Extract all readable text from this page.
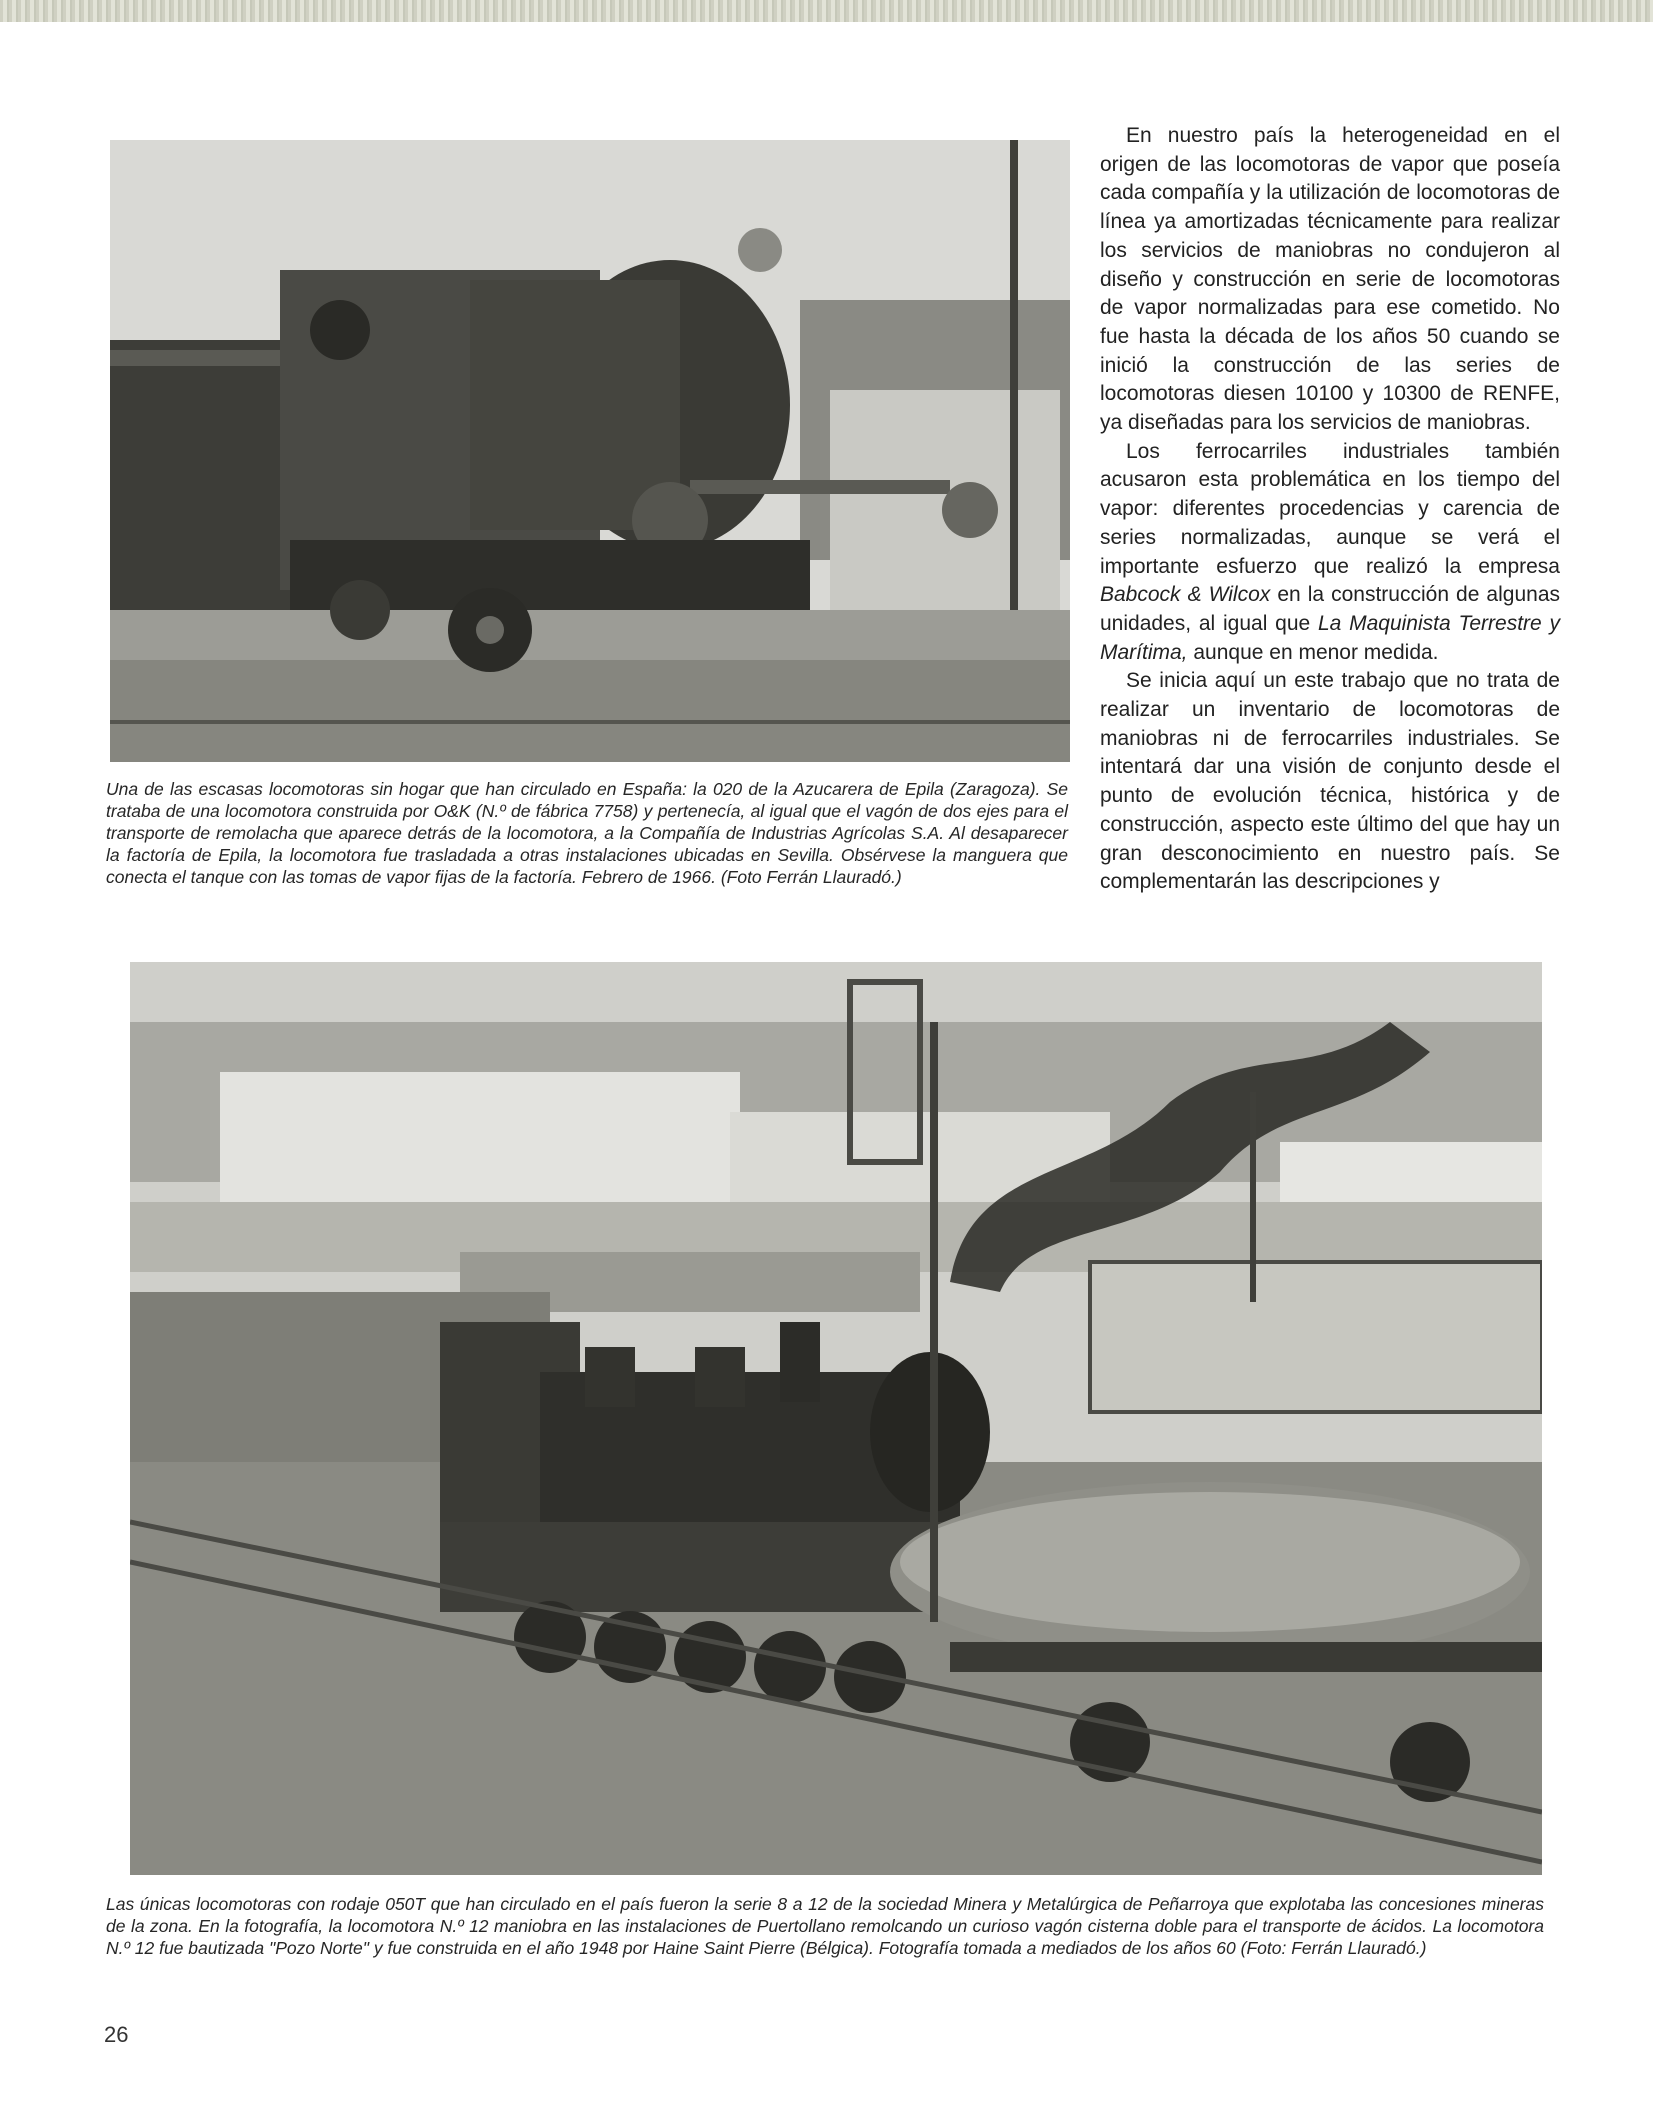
Una de las escasas locomotoras sin hogar que han circulado en España: la 020 de la Azucarera de Epila (Zaragoza). Se trataba de una locomotora construida por O&K (N.º de fábrica 7758) y pertenecía, al igual que el vagón de dos ejes para el transporte de remolacha que aparece detrás de la locomotora, a la Compañía de Industrias Agrícolas S.A. Al desaparecer la factoría de Epila, la locomotora fue trasladada a otras instalaciones ubicadas en Sevilla. Obsérvese la manguera que conecta el tanque con las tomas de vapor fijas de la factoría. Febrero de 1966. (Foto Ferrán Llauradó.)

En nuestro país la heterogeneidad en el origen de las locomotoras de vapor que poseía cada compañía y la utilización de locomotoras de línea ya amortizadas técnicamente para realizar los servicios de maniobras no condujeron al diseño y construcción en serie de locomotoras de vapor normalizadas para ese cometido. No fue hasta la década de los años 50 cuando se inició la construcción de las series de locomotoras diesen 10100 y 10300 de RENFE, ya diseñadas para los servicios de maniobras.

Los ferrocarriles industriales también acusaron esta problemática en los tiempo del vapor: diferentes procedencias y carencia de series normalizadas, aunque se verá el importante esfuerzo que realizó la empresa Babcock & Wilcox en la construcción de algunas unidades, al igual que La Maquinista Terrestre y Marítima, aunque en menor medida.

Se inicia aquí un este trabajo que no trata de realizar un inventario de locomotoras de maniobras ni de ferrocarriles industriales. Se intentará dar una visión de conjunto desde el punto de evolución técnica, histórica y de construcción, aspecto este último del que hay un gran desconocimiento en nuestro país. Se complementarán las descripciones y

Las únicas locomotoras con rodaje 050T que han circulado en el país fueron la serie 8 a 12 de la sociedad Minera y Metalúrgica de Peñarroya que explotaba las concesiones mineras de la zona. En la fotografía, la locomotora N.º 12 maniobra en las instalaciones de Puertollano remolcando un curioso vagón cisterna doble para el transporte de ácidos. La locomotora N.º 12 fue bautizada "Pozo Norte" y fue construida en el año 1948 por Haine Saint Pierre (Bélgica). Fotografía tomada a mediados de los años 60 (Foto: Ferrán Llauradó.)

26
